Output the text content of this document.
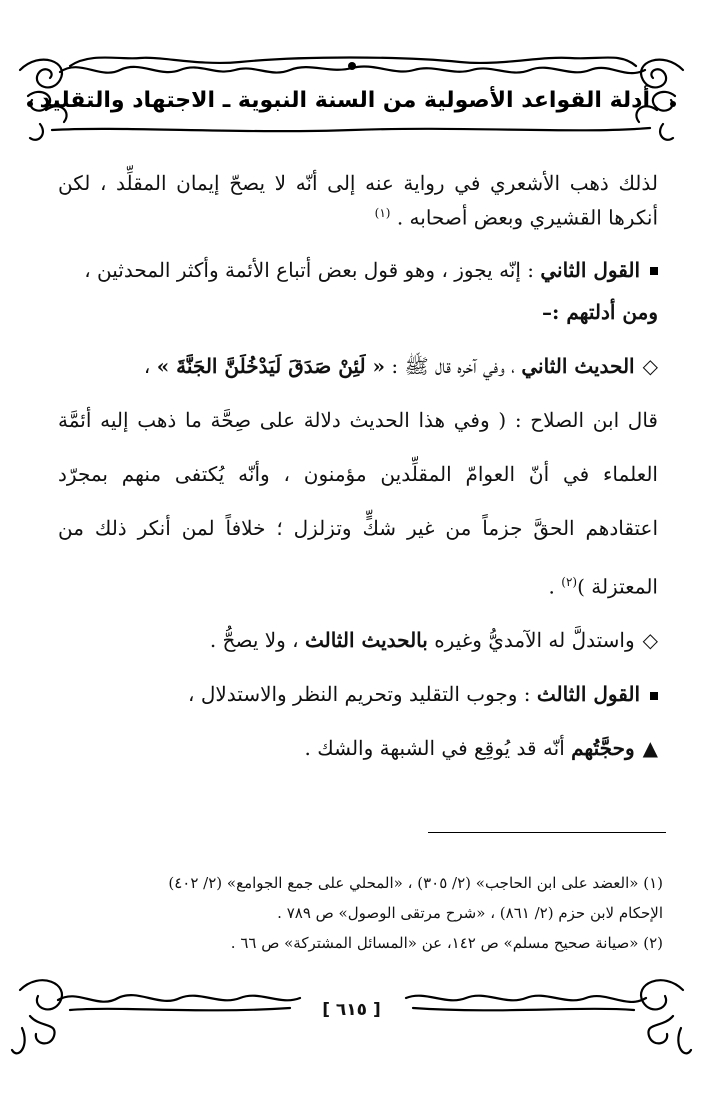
أدلة القواعد الأصولية من السنة النبوية ـ الاجتهاد والتقليد

لذلك ذهب الأشعري في رواية عنه إلى أنّه لا يصحّ إيمان المقلِّد ، لكن أنكرها القشيري وبعض أصحابه . $^{(١)}$

القول الثاني : إنّه يجوز ، وهو قول بعض أتباع الأئمة وأكثر المحدثين ،

ومن أدلتهم :–

◇الحديث الثاني ، وفي آخره قال ﷺ : « لَئِنْ صَدَقَ لَيَدْخُلَنَّ الجَنَّةَ » ،

قال ابن الصلاح : ( وفي هذا الحديث دلالة على صِحَّة ما ذهب إليه أئمَّة العلماء في أنّ العوامّ المقلِّدين مؤمنون ، وأنّه يُكتفى منهم بمجرّد اعتقادهم الحقَّ جزماً من غير شكٍّ وتزلزل ؛ خلافاً لمن أنكر ذلك من المعتزلة )$^{(٢)}$ .

◇واستدلَّ له الآمديُّ وغيره بالحديث الثالث ، ولا يصحُّ .

القول الثالث : وجوب التقليد وتحريم النظر والاستدلال ،

▲وحجَّتُهم أنّه قد يُوقِع في الشبهة والشك .

(١) «العضد على ابن الحاجب» (٢/ ٣٠٥) ، «المحلي على جمع الجوامع» (٢/ ٤٠٢)

الإحكام لابن حزم (٢/ ٨٦١) ، «شرح مرتقى الوصول» ص ٧٨٩ .

(٢) «صيانة صحيح مسلم» ص ١٤٢، عن «المسائل المشتركة» ص ٦٦ .

[ ٦١٥ ]
